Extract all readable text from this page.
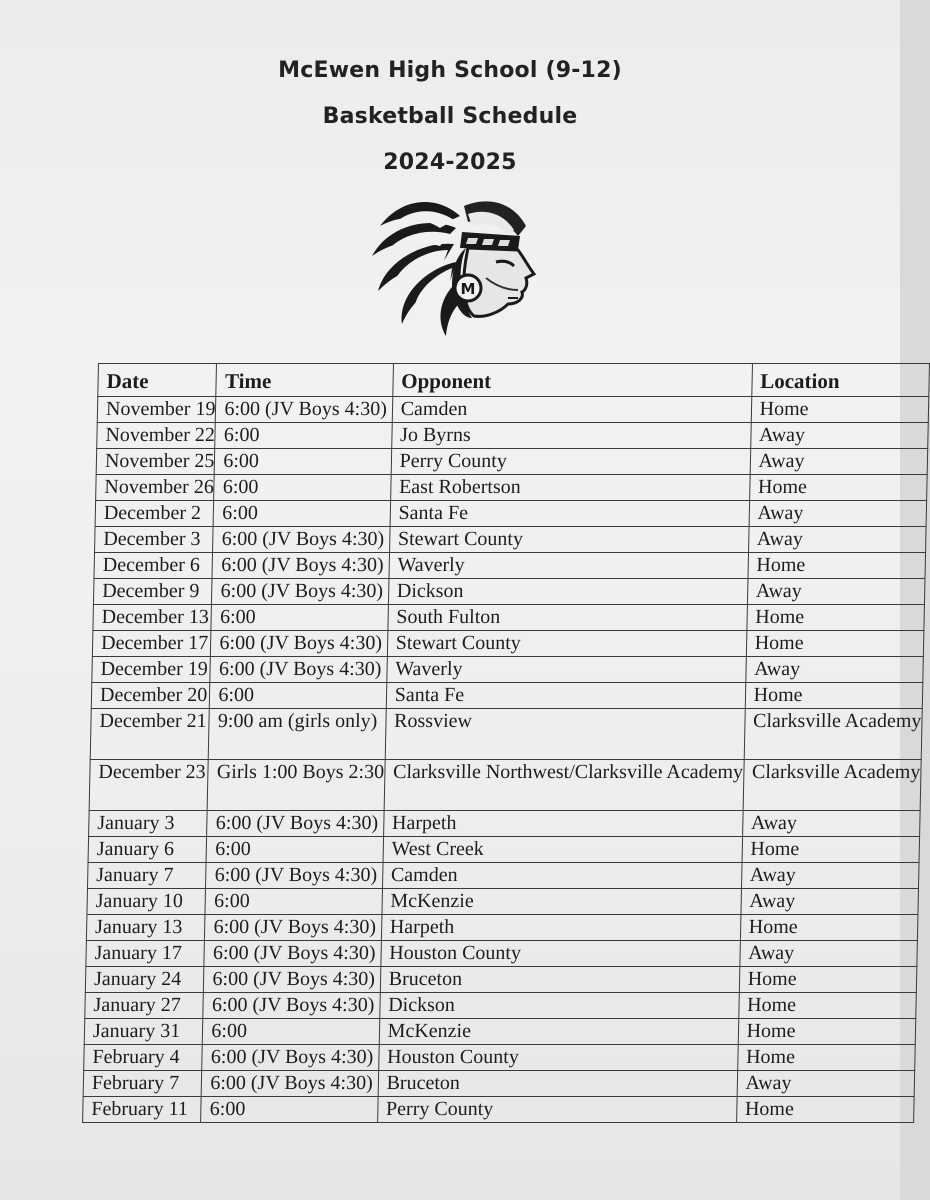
McEwen High School (9-12)
Basketball Schedule
2024-2025
M
Date	Time	Opponent	Location
November 19	6:00 (JV Boys 4:30)	Camden	Home
November 22	6:00	Jo Byrns	Away
November 25	6:00	Perry County	Away
November 26	6:00	East Robertson	Home
December 2	6:00	Santa Fe	Away
December 3	6:00 (JV Boys 4:30)	Stewart County	Away
December 6	6:00 (JV Boys 4:30)	Waverly	Home
December 9	6:00 (JV Boys 4:30)	Dickson	Away
December 13	6:00	South Fulton	Home
December 17	6:00 (JV Boys 4:30)	Stewart County	Home
December 19	6:00 (JV Boys 4:30)	Waverly	Away
December 20	6:00	Santa Fe	Home
December 21	9:00 am (girls only)	Rossview	Clarksville Academy
December 23	Girls 1:00 Boys 2:30	Clarksville Northwest/Clarksville Academy	Clarksville Academy
January 3	6:00 (JV Boys 4:30)	Harpeth	Away
January 6	6:00	West Creek	Home
January 7	6:00 (JV Boys 4:30)	Camden	Away
January 10	6:00	McKenzie	Away
January 13	6:00 (JV Boys 4:30)	Harpeth	Home
January 17	6:00 (JV Boys 4:30)	Houston County	Away
January 24	6:00 (JV Boys 4:30)	Bruceton	Home
January 27	6:00 (JV Boys 4:30)	Dickson	Home
January 31	6:00	McKenzie	Home
February 4	6:00 (JV Boys 4:30)	Houston County	Home
February 7	6:00 (JV Boys 4:30)	Bruceton	Away
February 11	6:00	Perry County	Home
